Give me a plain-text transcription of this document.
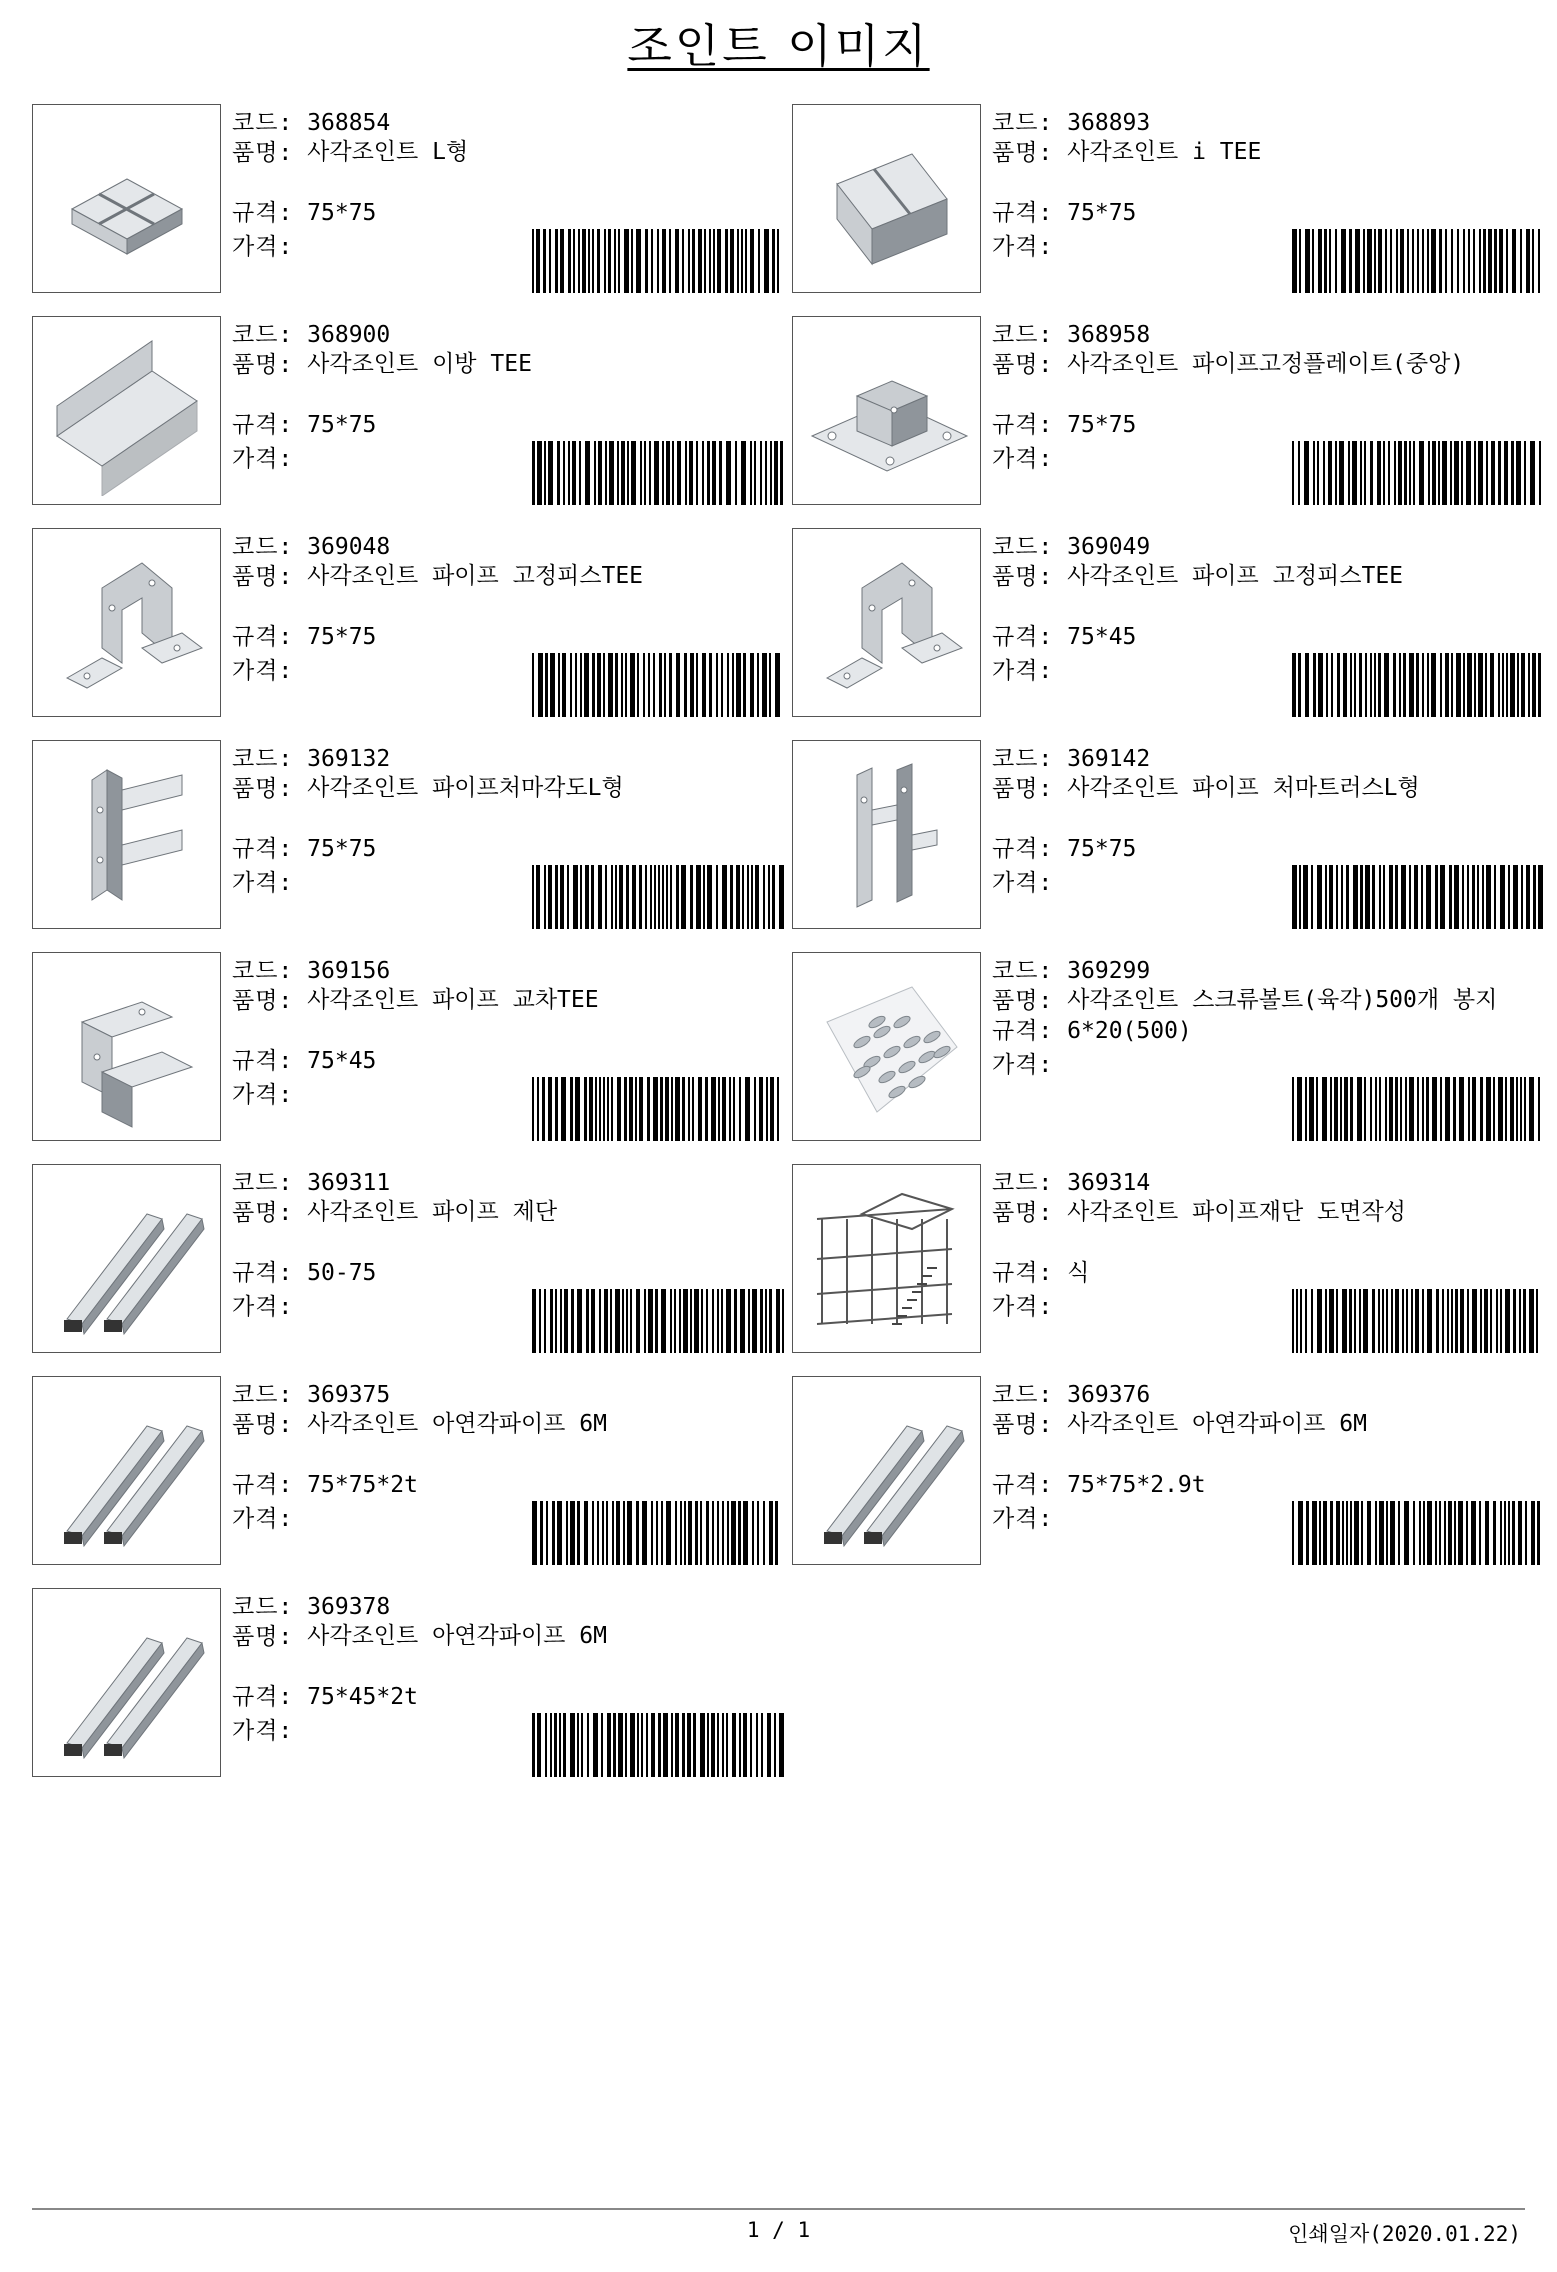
조인트 이미지
코드: 368854
품명:
사각조인트 L형
규격: 75*75
가격:
코드: 368893
품명:
사각조인트 i TEE
규격: 75*75
가격:
코드: 368900
품명:
사각조인트 이방 TEE
규격: 75*75
가격:
코드: 368958
품명:
사각조인트 파이프고정플레이트(중앙)
규격: 75*75
가격:
코드: 369048
품명:
사각조인트 파이프 고정피스TEE
규격: 75*75
가격:
코드: 369049
품명:
사각조인트 파이프 고정피스TEE
규격: 75*45
가격:
코드: 369132
품명:
사각조인트 파이프처마각도L형
규격: 75*75
가격:
코드: 369142
품명:
사각조인트 파이프 처마트러스L형
규격: 75*75
가격:
코드: 369156
품명:
사각조인트 파이프 교차TEE
규격: 75*45
가격:
코드: 369299
품명:
사각조인트 스크류볼트(육각)500개 봉지
규격: 6*20(500)
가격:
코드: 369311
품명:
사각조인트 파이프 제단
규격: 50-75
가격:
코드: 369314
품명:
사각조인트 파이프재단 도면작성
규격: 식
가격:
코드: 369375
품명:
사각조인트 아연각파이프 6M
규격: 75*75*2t
가격:
코드: 369376
품명:
사각조인트 아연각파이프 6M
규격: 75*75*2.9t
가격:
코드: 369378
품명:
사각조인트 아연각파이프 6M
규격: 75*45*2t
가격:
1 / 1	인쇄일자(2020.01.22)
